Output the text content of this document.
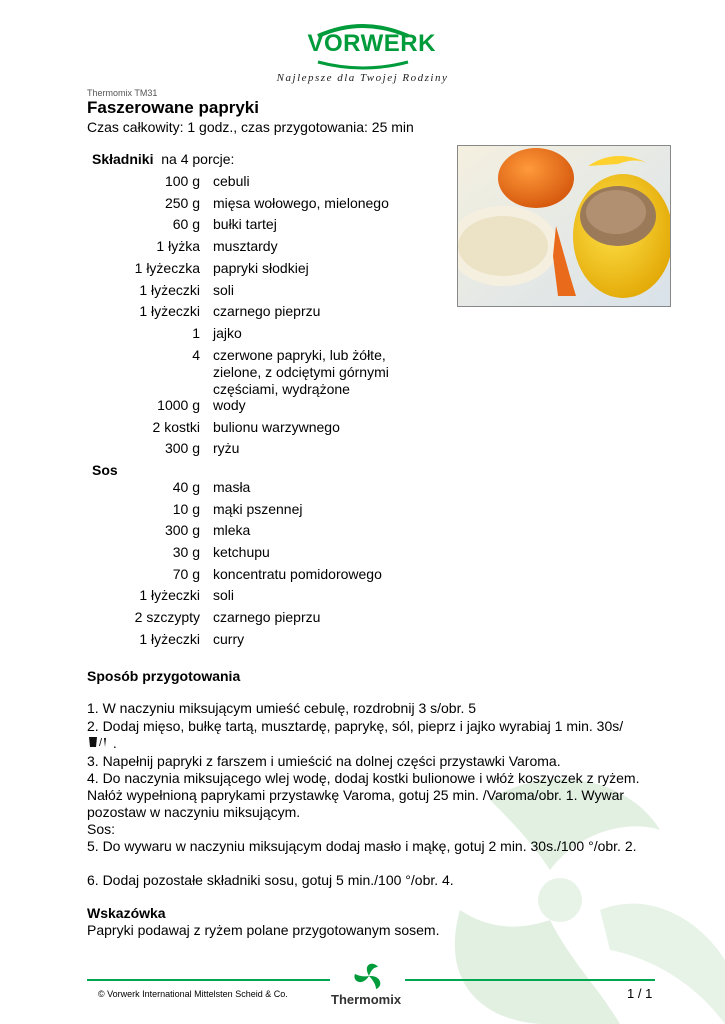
VORWERK
Najlepsze dla Twojej Rodziny
Thermomix TM31
Faszerowane papryki
Czas całkowity: 1 godz., czas przygotowania: 25 min
Składniki na 4 porcje:
100 g cebuli
250 g mięsa wołowego, mielonego
60 g bułki tartej
1 łyżka musztardy
1 łyżeczka papryki słodkiej
1 łyżeczki soli
1 łyżeczki czarnego pieprzu
1 jajko
4 czerwone papryki, lub żółte, zielone, z odciętymi górnymi częściami, wydrążone
1000 g wody
2 kostki bulionu warzywnego
300 g ryżu
Sos
40 g masła
10 g mąki pszennej
300 g mleka
30 g ketchupu
70 g koncentratu pomidorowego
1 łyżeczki soli
2 szczypty czarnego pieprzu
1 łyżeczki curry
Sposób przygotowania
1. W naczyniu miksującym umieść cebulę, rozdrobnij 3 s/obr. 5
2. Dodaj mięso, bułkę tartą, musztardę, paprykę, sól, pieprz i jajko wyrabiaj 1 min. 30s/

/ .
3. Napełnij papryki z farszem i umieścić na dolnej części przystawki Varoma.
4. Do naczynia miksującego wlej wodę, dodaj kostki bulionowe i włóż koszyczek z ryżem. Nałóż wypełnioną paprykami przystawkę Varoma, gotuj 25 min. /Varoma/obr. 1. Wywar pozostaw w naczyniu miksującym.
Sos:
5. Do wywaru w naczyniu miksującym dodaj masło i mąkę, gotuj 2 min. 30s./100 °/obr. 2.
6. Dodaj pozostałe składniki sosu, gotuj 5 min./100 °/obr. 4.
Wskazówka
Papryki podawaj z ryżem polane przygotowanym sosem.
© Vorwerk International Mittelsten Scheid & Co.	Thermomix	1 / 1
